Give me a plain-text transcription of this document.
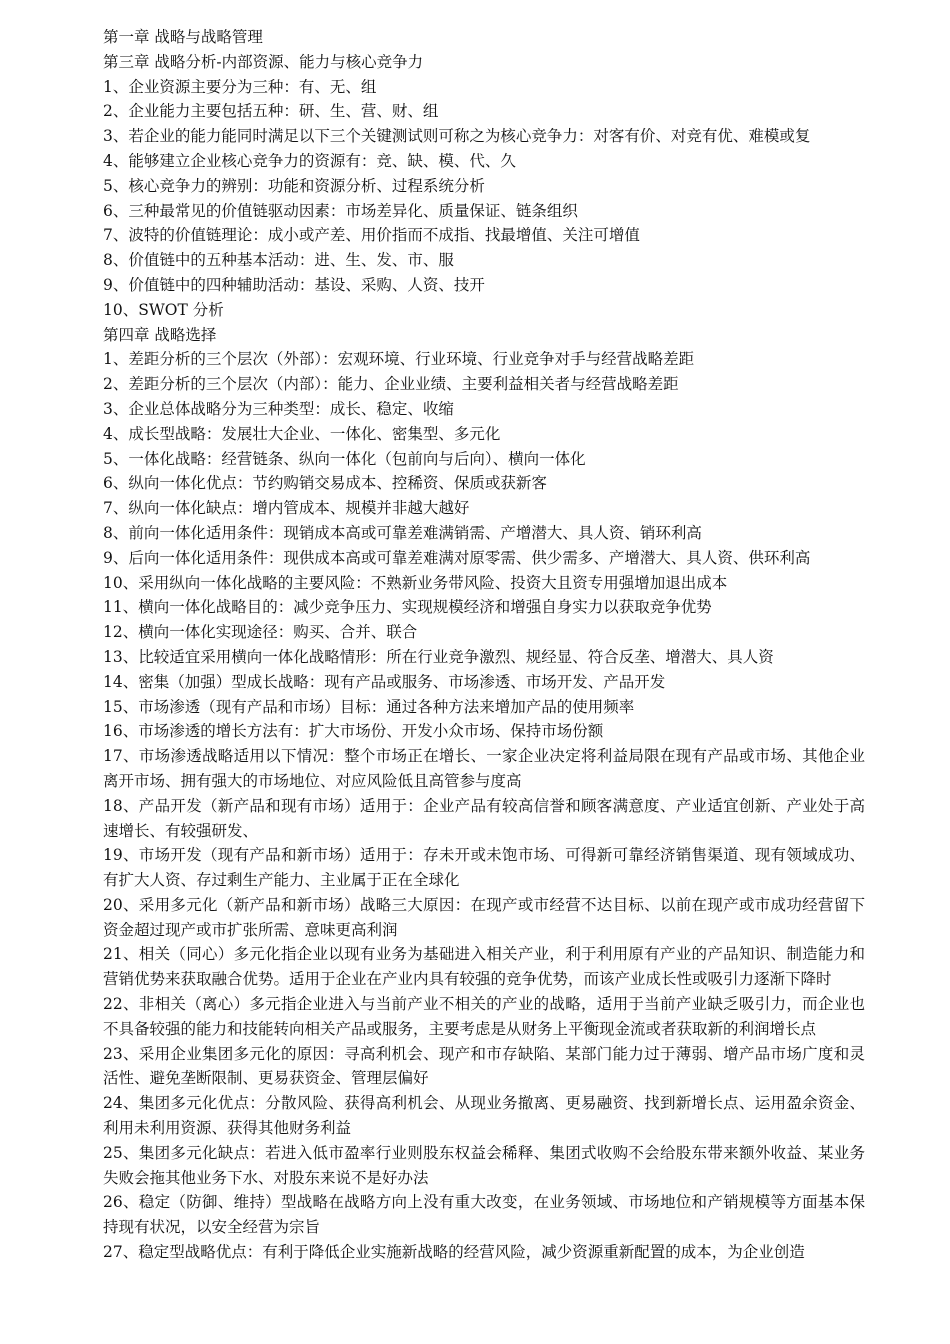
第一章 战略与战略管理
第三章 战略分析-内部资源、能力与核心竞争力
1、企业资源主要分为三种：有、无、组
2、企业能力主要包括五种：研、生、营、财、组
3、若企业的能力能同时满足以下三个关键测试则可称之为核心竞争力：对客有价、对竞有优、难模或复
4、能够建立企业核心竞争力的资源有：竞、缺、模、代、久
5、核心竞争力的辨别：功能和资源分析、过程系统分析
6、三种最常见的价值链驱动因素：市场差异化、质量保证、链条组织
7、波特的价值链理论：成小或产差、用价指而不成指、找最增值、关注可增值
8、价值链中的五种基本活动：进、生、发、市、服
9、价值链中的四种辅助活动：基设、采购、人资、技开
10、SWOT 分析
第四章 战略选择
1、差距分析的三个层次（外部）：宏观环境、行业环境、行业竞争对手与经营战略差距
2、差距分析的三个层次（内部）：能力、企业业绩、主要利益相关者与经营战略差距
3、企业总体战略分为三种类型：成长、稳定、收缩
4、成长型战略：发展壮大企业、一体化、密集型、多元化
5、一体化战略：经营链条、纵向一体化（包前向与后向）、横向一体化
6、纵向一体化优点：节约购销交易成本、控稀资、保质或获新客
7、纵向一体化缺点：增内管成本、规模并非越大越好
8、前向一体化适用条件：现销成本高或可靠差难满销需、产增潜大、具人资、销环利高
9、后向一体化适用条件：现供成本高或可靠差难满对原零需、供少需多、产增潜大、具人资、供环利高
10、采用纵向一体化战略的主要风险：不熟新业务带风险、投资大且资专用强增加退出成本
11、横向一体化战略目的：减少竞争压力、实现规模经济和增强自身实力以获取竞争优势
12、横向一体化实现途径：购买、合并、联合
13、比较适宜采用横向一体化战略情形：所在行业竞争激烈、规经显、符合反垄、增潜大、具人资
14、密集（加强）型成长战略：现有产品或服务、市场渗透、市场开发、产品开发
15、市场渗透（现有产品和市场）目标：通过各种方法来增加产品的使用频率
16、市场渗透的增长方法有：扩大市场份、开发小众市场、保持市场份额
17、市场渗透战略适用以下情况：整个市场正在增长、一家企业决定将利益局限在现有产品或市场、其他企业离开市场、拥有强大的市场地位、对应风险低且高管参与度高
18、产品开发（新产品和现有市场）适用于：企业产品有较高信誉和顾客满意度、产业适宜创新、产业处于高速增长、有较强研发、
19、市场开发（现有产品和新市场）适用于：存未开或未饱市场、可得新可靠经济销售渠道、现有领域成功、有扩大人资、存过剩生产能力、主业属于正在全球化
20、采用多元化（新产品和新市场）战略三大原因：在现产或市经营不达目标、以前在现产或市成功经营留下资金超过现产或市扩张所需、意味更高利润
21、相关（同心）多元化指企业以现有业务为基础进入相关产业，利于利用原有产业的产品知识、制造能力和营销优势来获取融合优势。适用于企业在产业内具有较强的竞争优势，而该产业成长性或吸引力逐渐下降时
22、非相关（离心）多元指企业进入与当前产业不相关的产业的战略，适用于当前产业缺乏吸引力，而企业也不具备较强的能力和技能转向相关产品或服务，主要考虑是从财务上平衡现金流或者获取新的利润增长点
23、采用企业集团多元化的原因：寻高利机会、现产和市存缺陷、某部门能力过于薄弱、增产品市场广度和灵活性、避免垄断限制、更易获资金、管理层偏好
24、集团多元化优点：分散风险、获得高利机会、从现业务撤离、更易融资、找到新增长点、运用盈余资金、利用未利用资源、获得其他财务利益
25、集团多元化缺点：若进入低市盈率行业则股东权益会稀释、集团式收购不会给股东带来额外收益、某业务失败会拖其他业务下水、对股东来说不是好办法
26、稳定（防御、维持）型战略在战略方向上没有重大改变，在业务领域、市场地位和产销规模等方面基本保持现有状况，以安全经营为宗旨
27、稳定型战略优点：有利于降低企业实施新战略的经营风险，减少资源重新配置的成本，为企业创造
